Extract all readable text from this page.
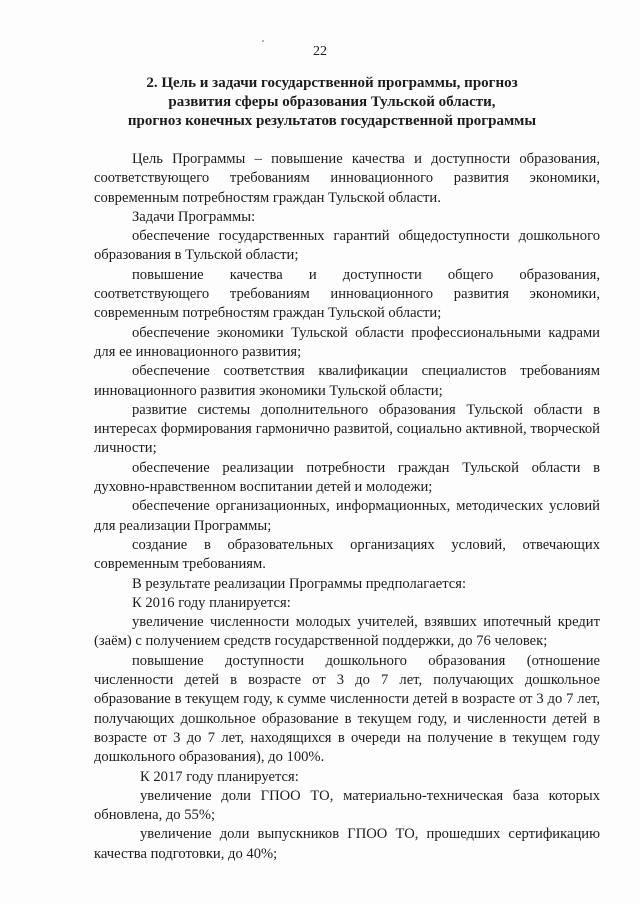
22
2. Цель и задачи государственной программы, прогноз
развития сферы образования Тульской области,
прогноз конечных результатов государственной программы

Цель Программы – повышение качества и доступности образования, соответствующего требованиям инновационного развития экономики, современным потребностям граждан Тульской области.

Задачи Программы:

обеспечение государственных гарантий общедоступности дошкольного образования в Тульской области;

повышение качества и доступности общего образования, соответствующего требованиям инновационного развития экономики, современным потребностям граждан Тульской области;

обеспечение экономики Тульской области профессиональными кадрами для ее инновационного развития;

обеспечение соответствия квалификации специалистов требованиям инновационного развития экономики Тульской области;

развитие системы дополнительного образования Тульской области в интересах формирования гармонично развитой, социально активной, творческой личности;

обеспечение реализации потребности граждан Тульской области в духовно-нравственном воспитании детей и молодежи;

обеспечение организационных, информационных, методических условий для реализации Программы;

создание в образовательных организациях условий, отвечающих современным требованиям.

В результате реализации Программы предполагается:

К 2016 году планируется:

увеличение численности молодых учителей, взявших ипотечный кредит (заём) с получением средств государственной поддержки, до 76 человек;

повышение доступности дошкольного образования (отношение численности детей в возрасте от 3 до 7 лет, получающих дошкольное образование в текущем году, к сумме численности детей в возрасте от 3 до 7 лет, получающих дошкольное образование в текущем году, и численности детей в возрасте от 3 до 7 лет, находящихся в очереди на получение в текущем году дошкольного образования), до 100%.

К 2017 году планируется:

увеличение доли ГПОО ТО, материально-техническая база которых обновлена, до 55%;

увеличение доли выпускников ГПОО ТО, прошедших сертификацию качества подготовки, до 40%;
